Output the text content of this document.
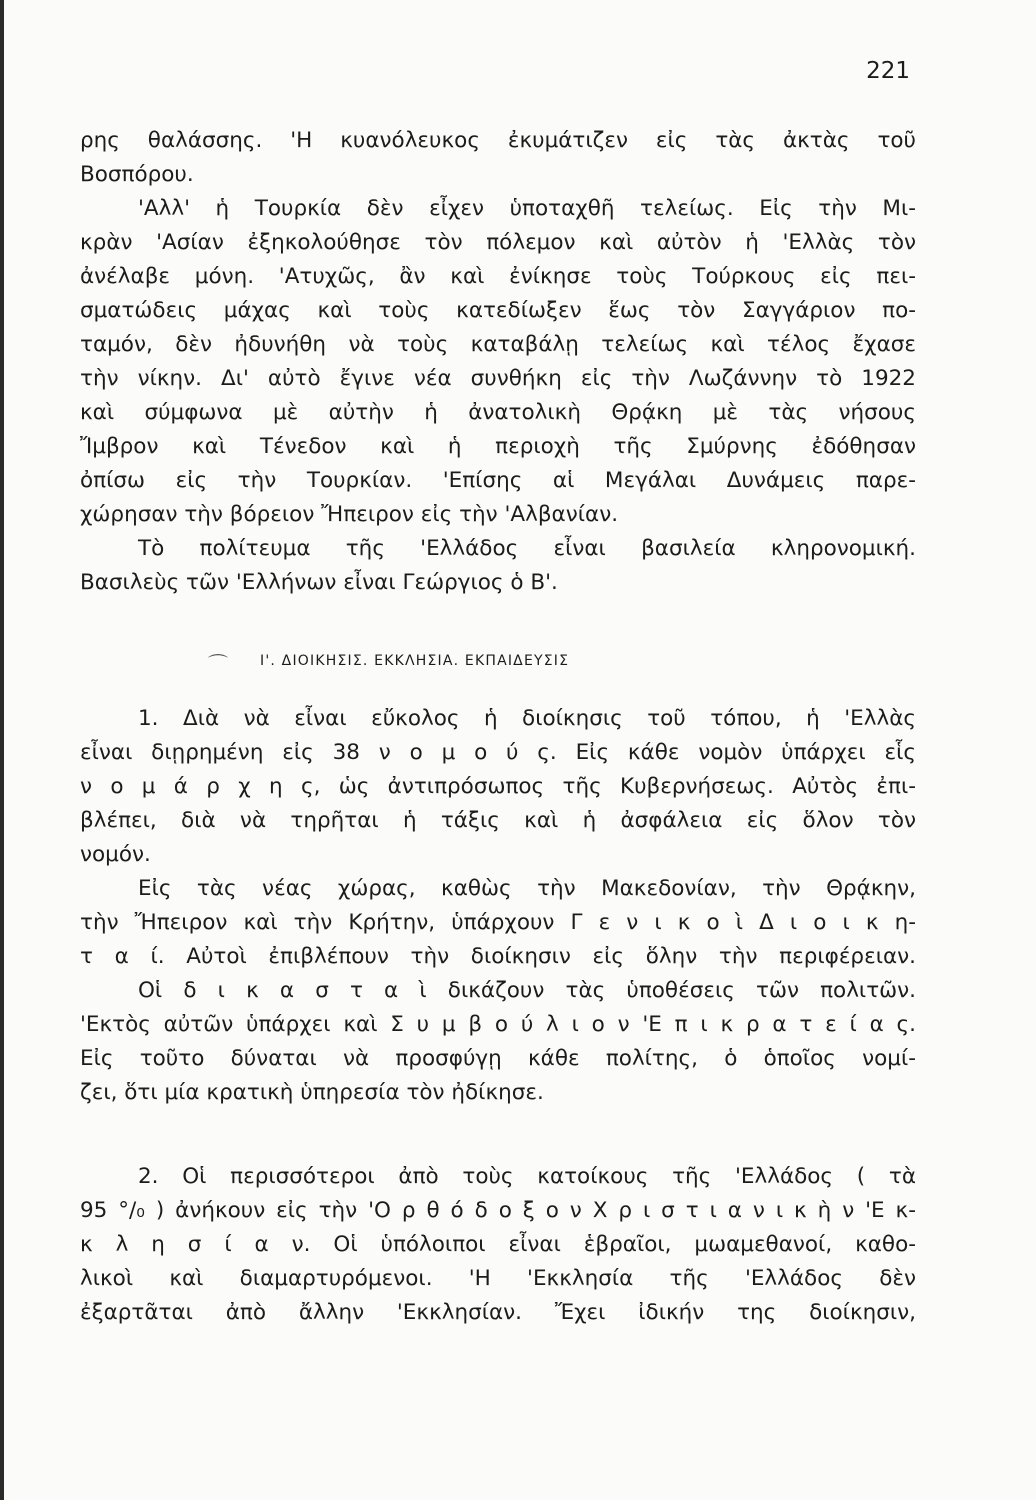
221
ρης θαλάσσης. 'Η κυανόλευκος ἐκυμάτιζεν εἰς τὰς ἀκτὰς τοῦ
Βοσπόρου.
'Αλλ' ἡ Τουρκία δὲν εἶχεν ὑποταχθῆ τελείως. Εἰς τὴν Μι-
κρὰν 'Ασίαν ἐξηκολούθησε τὸν πόλεμον καὶ αὐτὸν ἡ 'Ελλὰς τὸν
ἀνέλαβε μόνη. 'Ατυχῶς, ἂν καὶ ἐνίκησε τοὺς Τούρκους εἰς πει-
σματώδεις μάχας καὶ τοὺς κατεδίωξεν ἕως τὸν Σαγγάριον πο-
ταμόν, δὲν ἠδυνήθη νὰ τοὺς καταβάλῃ τελείως καὶ τέλος ἔχασε
τὴν νίκην. Δι' αὐτὸ ἔγινε νέα συνθήκη εἰς τὴν Λωζάννην τὸ 1922
καὶ σύμφωνα μὲ αὐτὴν ἡ ἀνατολικὴ Θρᾴκη μὲ τὰς νήσους
Ἴμβρον καὶ Τένεδον καὶ ἡ περιοχὴ τῆς Σμύρνης ἐδόθησαν
ὀπίσω εἰς τὴν Τουρκίαν. 'Επίσης αἱ Μεγάλαι Δυνάμεις παρε-
χώρησαν τὴν βόρειον Ἤπειρον εἰς τὴν 'Αλβανίαν.
Τὸ πολίτευμα τῆς 'Ελλάδος εἶναι βασιλεία κληρονομική.
Βασιλεὺς τῶν 'Ελλήνων εἶναι Γεώργιος ὁ Β'.
⌒ Ι'. ΔΙΟΙΚΗΣΙΣ. ΕΚΚΛΗΣΙΑ. ΕΚΠΑΙΔΕΥΣΙΣ
1. Διὰ νὰ εἶναι εὔκολος ἡ διοίκησις τοῦ τόπου, ἡ 'Ελλὰς
εἶναι διῃρημένη εἰς 38 ν ο μ ο ύ ς. Εἰς κάθε νομὸν ὑπάρχει εἷς
ν ο μ ά ρ χ η ς, ὡς ἀντιπρόσωπος τῆς Κυβερνήσεως. Αὐτὸς ἐπι-
βλέπει, διὰ νὰ τηρῆται ἡ τάξις καὶ ἡ ἀσφάλεια εἰς ὅλον τὸν
νομόν.
Εἰς τὰς νέας χώρας, καθὼς τὴν Μακεδονίαν, τὴν Θρᾴκην,
τὴν Ἤπειρον καὶ τὴν Κρήτην, ὑπάρχουν Γ ε ν ι κ ο ὶ Δ ι ο ι κ η-
τ α ί. Αὐτοὶ ἐπιβλέπουν τὴν διοίκησιν εἰς ὅλην τὴν περιφέρειαν.
Οἱ δ ι κ α σ τ α ὶ δικάζουν τὰς ὑποθέσεις τῶν πολιτῶν.
'Εκτὸς αὐτῶν ὑπάρχει καὶ Σ υ μ β ο ύ λ ι ο ν 'Ε π ι κ ρ α τ ε ί α ς.
Εἰς τοῦτο δύναται νὰ προσφύγῃ κάθε πολίτης, ὁ ὁποῖος νομί-
ζει, ὅτι μία κρατικὴ ὑπηρεσία τὸν ἠδίκησε.
2. Οἱ περισσότεροι ἀπὸ τοὺς κατοίκους τῆς 'Ελλάδος ( τὰ
95 °/₀ ) ἀνήκουν εἰς τὴν 'Ο ρ θ ό δ ο ξ ο ν Χ ρ ι σ τ ι α ν ι κ ὴ ν 'Ε κ-
κ λ η σ ί α ν. Οἱ ὑπόλοιποι εἶναι ἑβραῖοι, μωαμεθανοί, καθο-
λικοὶ καὶ διαμαρτυρόμενοι. 'Η 'Εκκλησία τῆς 'Ελλάδος δὲν
ἐξαρτᾶται ἀπὸ ἄλλην 'Εκκλησίαν. Ἔχει ἰδικήν της διοίκησιν,
